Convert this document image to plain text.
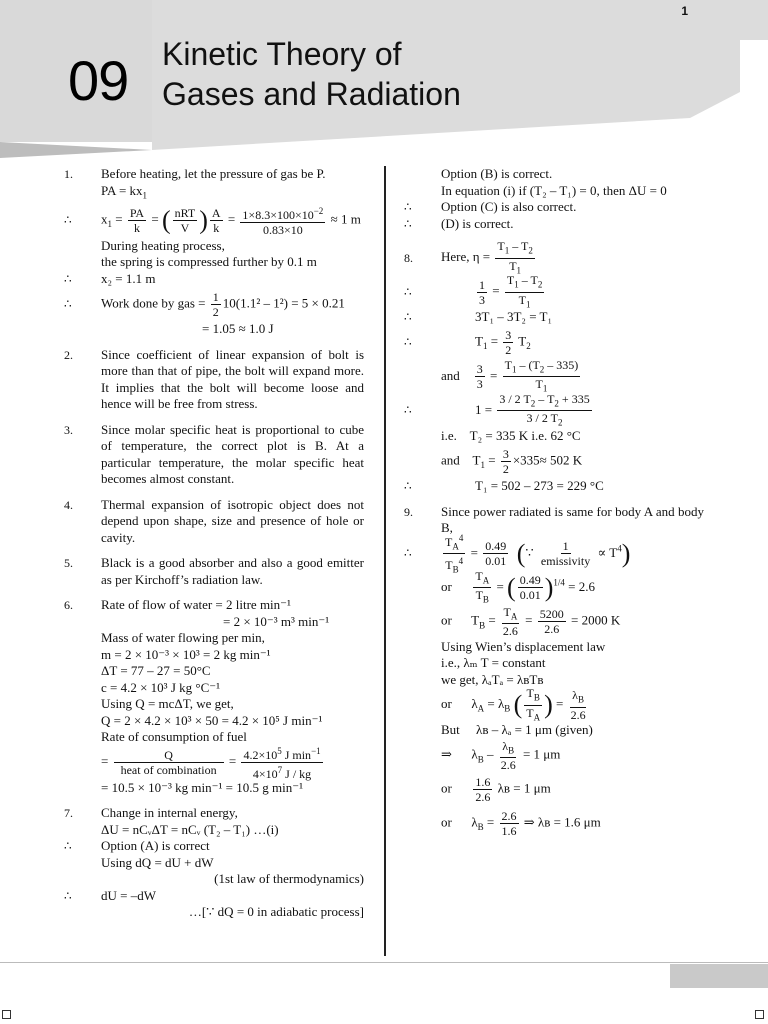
09 Kinetic Theory of
Gases and Radiation
1.	Before heating, let the pressure of gas be P.
PA = $kx_1$
∴	$x_1 = \frac{PA}{k}$ = ( $\frac{\text{nRT}}{V}$ ) $\frac{A}{k} = \frac{1\times 8.3\times 100\times 10^{-2}}{0.83\times 10} \approx 1$ m
During heating process,
the spring is compressed further by 0.1 m
∴	x₂ = 1.1 m
∴	Work done by gas = $\frac{1}{2} 10(1.1^2 - 1^2) = 5 \times 0.21$
= 1.05 ≈ 1.0 J
2.	Since coefficient of linear expansion of bolt is more than that of pipe, the bolt will expand more. It implies that the bolt will become loose and hence will be free from stress.
3.	Since molar specific heat is proportional to cube of temperature, the correct plot is B. At a particular temperature, the molar specific heat becomes almost constant.
4.	Thermal expansion of isotropic object does not depend upon shape, size and presence of hole or cavity.
5.	Black is a good absorber and also a good emitter as per Kirchoff’s radiation law.
6.	Rate of flow of water = 2 litre min⁻¹
= 2 × 10⁻³ m³ min⁻¹
Mass of water flowing per min,
m = 2 × 10⁻³ × 10³ = 2 kg min⁻¹
ΔT = 77 – 27 = 50°C
c = 4.2 × 10³ J kg °C⁻¹
Using Q = mcΔT, we get,
Q = 2 × 4.2 × 10³ × 50 = 4.2 × 10⁵ J min⁻¹
Rate of consumption of fuel
= $\frac{Q}{\text{heat of combination}} = \frac{4.2\times 10^5 J \min^{-1}}{4\times 10^7 J / kg}$
= 10.5 × 10⁻³ kg min⁻¹ = 10.5 g min⁻¹
7.	Change in internal energy,
ΔU = nCᵥΔT = nCᵥ (T₂ – T₁) …(i)
∴	Option (A) is correct
Using dQ = dU + dW
(1st law of thermodynamics)
∴	dU = –dW
…[∵ dQ = 0 in adiabatic process]
Option (B) is correct.
In equation (i) if (T₂ – T₁) = 0, then ΔU = 0
∴	Option (C) is also correct.
∴	(D) is correct.
8.	Here, $\eta = \frac{T_1 - T_2}{T_1}$
∴	$\frac{1}{3} = \frac{T_1 - T_2}{T_1}$
∴	3T₁ – 3T₂ = T₁
∴	$T_1 = \frac{3}{2} T_2$
and $\frac{3}{3} = \frac{T_1 - (T_2 - 335)}{T_1}$
∴	$1 = \frac{3 / 2 T_2 - T_2 + 335}{3 / 2 T_2}$
i.e. T₂ = 335 K i.e. 62 °C
and    $T_1 = \frac{3}{2} \times 335\approx 502$ K
∴	T₁ = 502 – 273 = 229 °C
9.	Since power radiated is same for body A and body B,
∴	$\frac{T_A^4}{T_B^4} = \frac{0.49}{0.01}$ (∵ $\frac{1}{\text{emissivity}} \propto T^4$)
or $\frac{T_A}{T_B}$ = ( $\frac{0.49}{0.01} )^{1/4} = 2.6$
or      $T_B = \frac{T_A}{2.6} = \frac{5200}{2.6} = 2000$ K
Using Wien’s displacement law
i.e., λₘ T = constant
we get, λₐTₐ = λʙTʙ
or      $\lambda_A = \lambda_B$ ( $\frac{T_B}{T_A}$ ) = $\frac{\lambda_B}{2.6}$
But λʙ – λₐ = 1 μm (given)
⇒      $\lambda_B - \frac{\lambda_B}{2.6} = 1$ μm
or $\frac{1.6}{2.6}$ λʙ = 1 μm
or      $\lambda_B = \frac{2.6}{1.6}$ ⇒ λʙ = 1.6 μm
1
